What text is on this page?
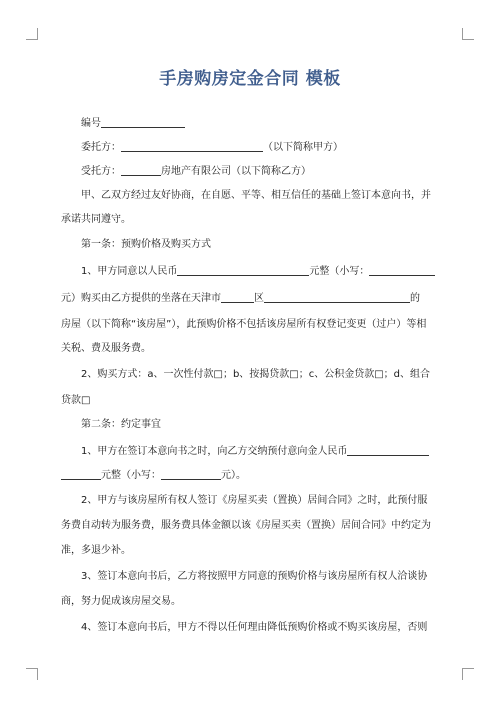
手房购房定金合同 模板
编号
委托方：	（以下简称甲方）
受托方：	房地产有限公司（以下简称乙方）
甲、乙双方经过友好协商，在自愿、平等、相互信任的基础上签订本意向书，并
承诺共同遵守。
第一条：预购价格及购买方式
1、甲方同意以人民币	元整（小写：
元）购买由乙方提供的坐落在天津市	区	的
房屋（以下简称“该房屋”），此预购价格不包括该房屋所有权登记变更（过户）等相
关税、费及服务费。
2、购买方式：a、一次性付款□；b、按揭贷款□；c、公积金贷款□；d、组合
贷款□
第二条：约定事宜
1、甲方在签订本意向书之时，向乙方交纳预付意向金人民币
元整（小写：	元）。
2、甲方与该房屋所有权人签订《房屋买卖（置换）居间合同》之时，此预付服
务费自动转为服务费，服务费具体金额以该《房屋买卖（置换）居间合同》中约定为
准，多退少补。
3、签订本意向书后，乙方将按照甲方同意的预购价格与该房屋所有权人洽谈协
商，努力促成该房屋交易。
4、签订本意向书后，甲方不得以任何理由降低预购价格或不购买该房屋，否则
